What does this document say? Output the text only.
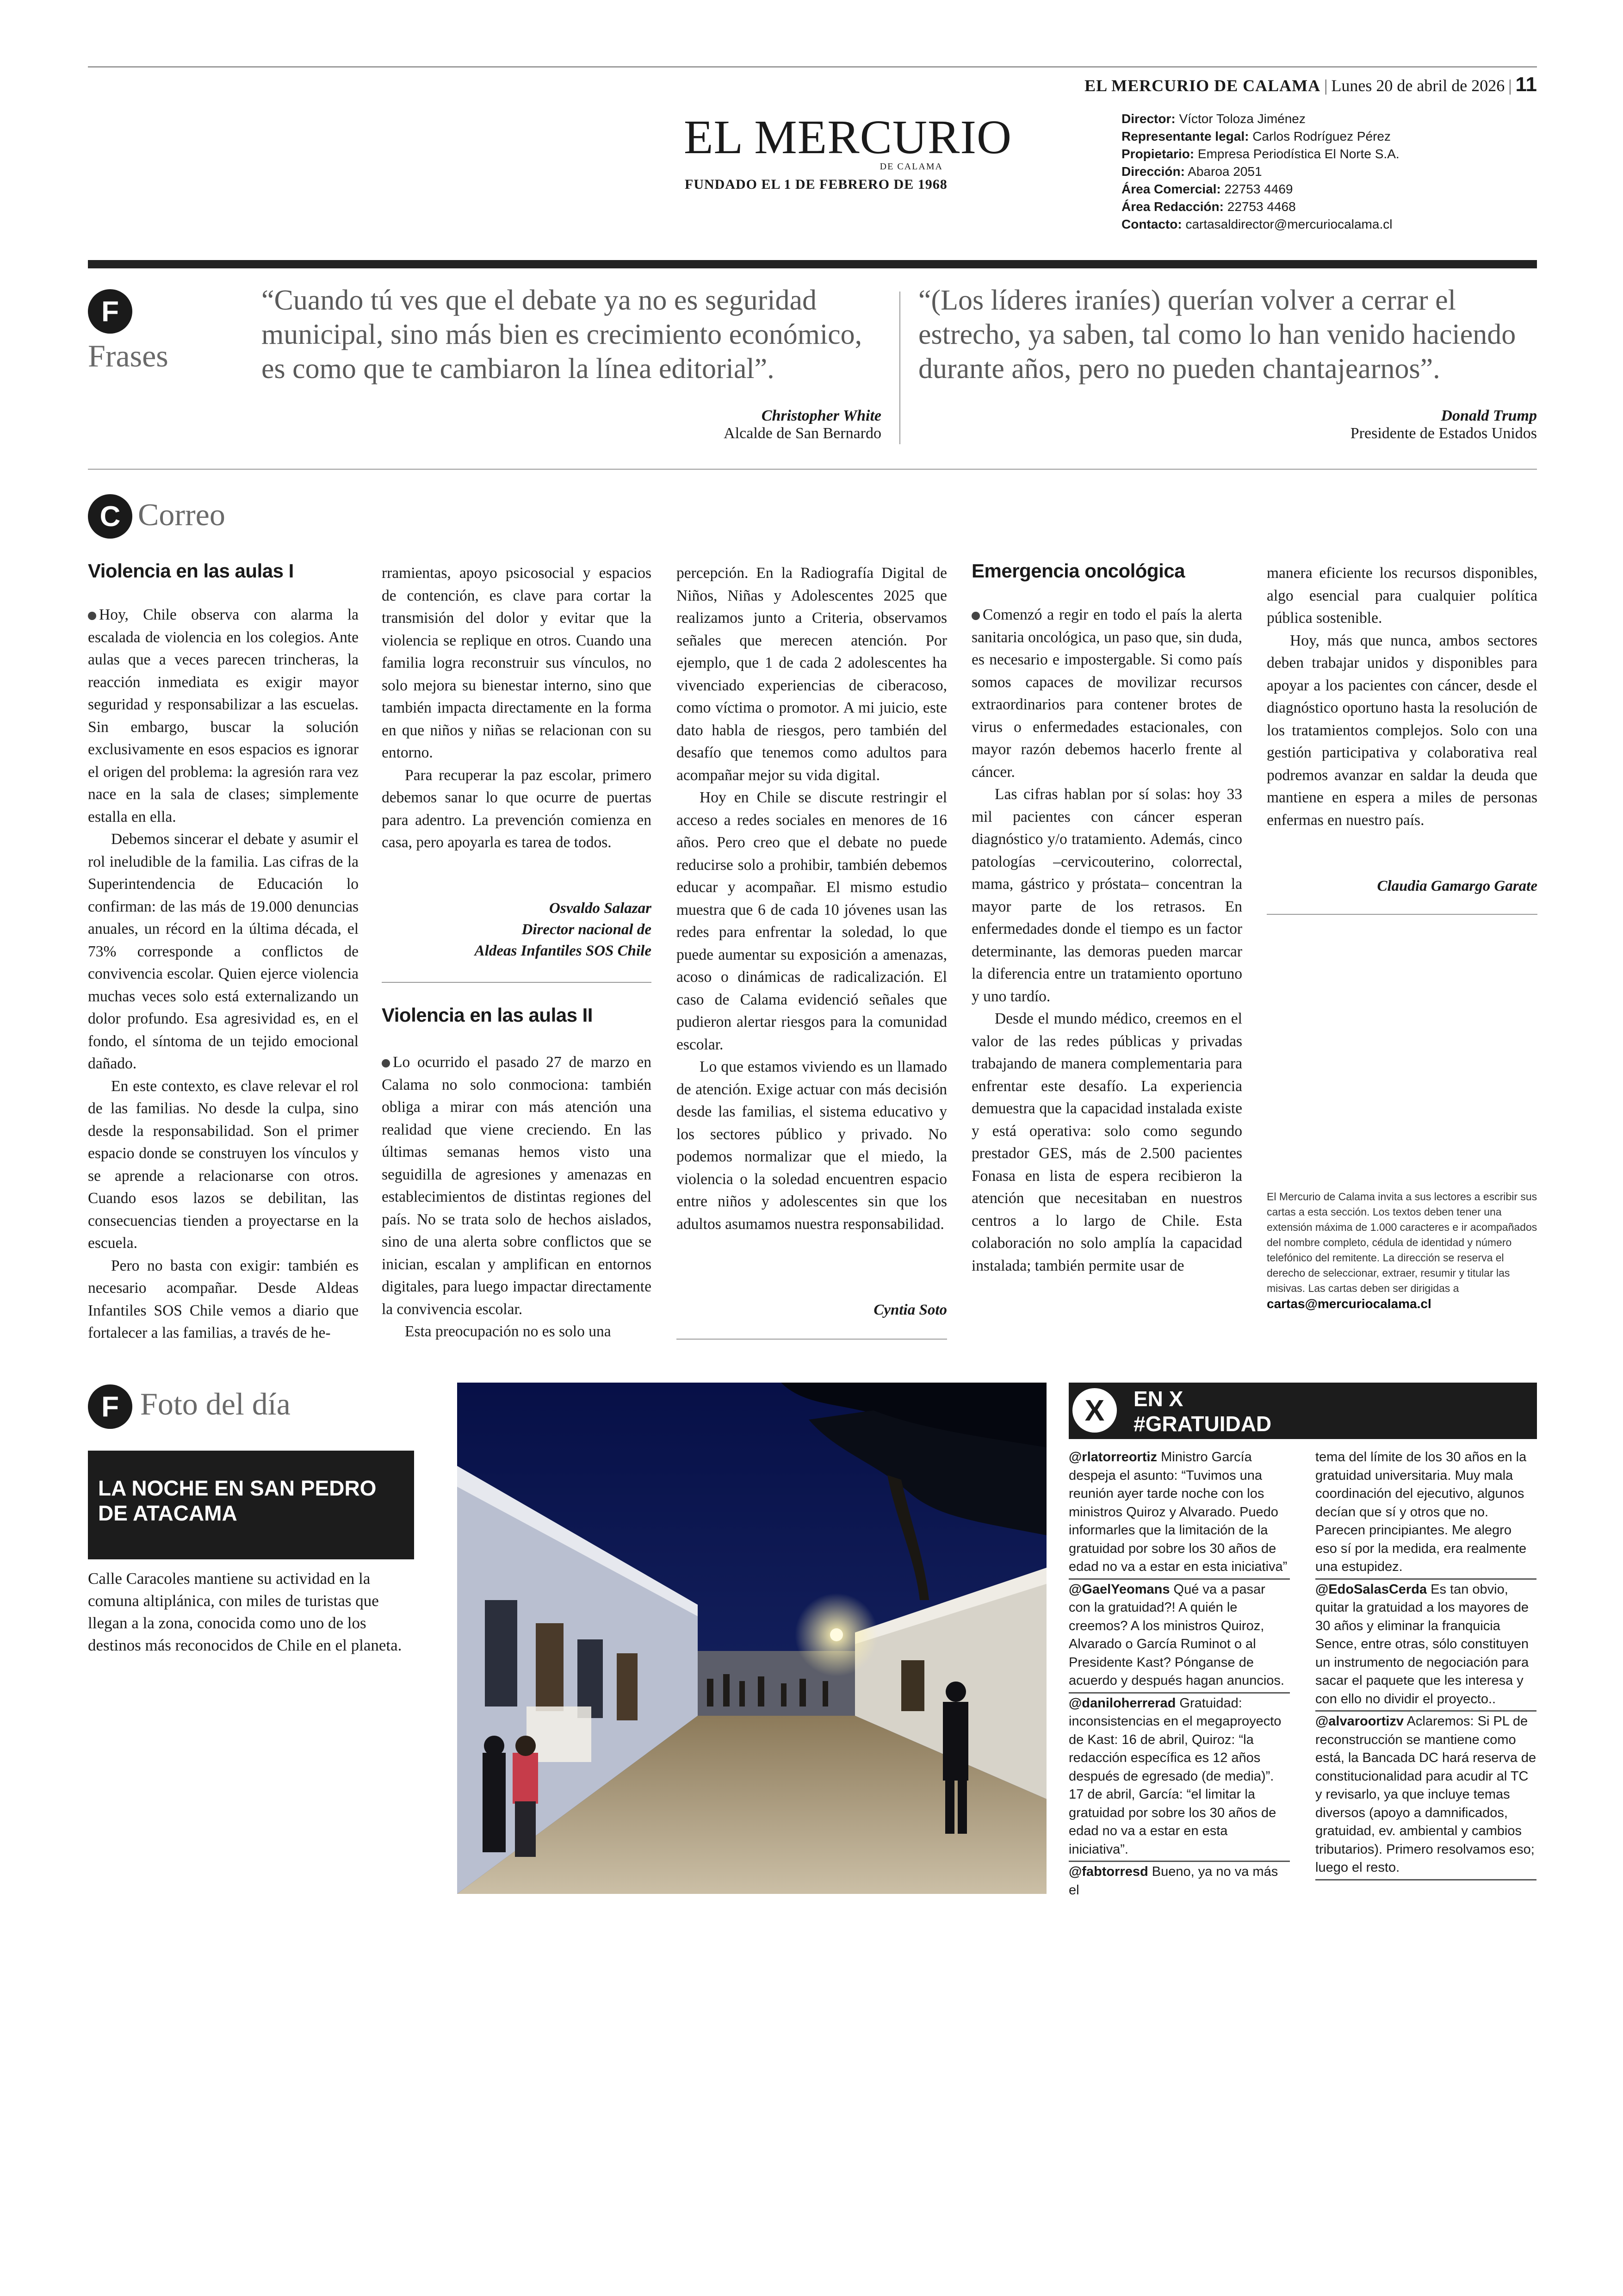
EL MERCURIO DE CALAMA | Lunes 20 de abril de 2026 | 11
EL MERCURIO
DE CALAMA
FUNDADO EL 1 DE FEBRERO DE 1968
Director: Víctor Toloza Jiménez
Representante legal: Carlos Rodríguez Pérez
Propietario: Empresa Periodística El Norte S.A.
Dirección: Abaroa 2051
Área Comercial: 22753 4469
Área Redacción: 22753 4468
Contacto: cartasaldirector@mercuriocalama.cl
F
Frases
“Cuando tú ves que el debate ya no es seguridad municipal, sino más bien es crecimiento económico, es como que te cambiaron la línea editorial”.
Christopher White
Alcalde de San Bernardo
“(Los líderes iraníes) querían volver a cerrar el estrecho, ya saben, tal como lo han venido haciendo durante años, pero no pueden chantajearnos”.
Donald Trump
Presidente de Estados Unidos
C Correo
Violencia en las aulas I

Hoy, Chile observa con alarma la escalada de violencia en los colegios. Ante aulas que a veces parecen trincheras, la reacción inmediata es exigir mayor seguridad y responsabilizar a las escuelas. Sin embargo, buscar la solución exclusivamente en esos espacios es ignorar el origen del problema: la agresión rara vez nace en la sala de clases; simplemente estalla en ella.

Debemos sincerar el debate y asumir el rol ineludible de la familia. Las cifras de la Superintendencia de Educación lo confirman: de las más de 19.000 denuncias anuales, un récord en la última década, el 73% corresponde a conflictos de convivencia escolar. Quien ejerce violencia muchas veces solo está externalizando un dolor profundo. Esa agresividad es, en el fondo, el síntoma de un tejido emocional dañado.

En este contexto, es clave relevar el rol de las familias. No desde la culpa, sino desde la responsabilidad. Son el primer espacio donde se construyen los vínculos y se aprende a relacionarse con otros. Cuando esos lazos se debilitan, las consecuencias tienden a proyectarse en la escuela.

Pero no basta con exigir: también es necesario acompañar. Desde Aldeas Infantiles SOS Chile vemos a diario que fortalecer a las familias, a través de he-

rramientas, apoyo psicosocial y espacios de contención, es clave para cortar la transmisión del dolor y evitar que la violencia se replique en otros. Cuando una familia logra reconstruir sus vínculos, no solo mejora su bienestar interno, sino que también impacta directamente en la forma en que niños y niñas se relacionan con su entorno.

Para recuperar la paz escolar, primero debemos sanar lo que ocurre de puertas para adentro. La prevención comienza en casa, pero apoyarla es tarea de todos.

Osvaldo Salazar
Director nacional de
Aldeas Infantiles SOS Chile
Violencia en las aulas II

Lo ocurrido el pasado 27 de marzo en Calama no solo conmociona: también obliga a mirar con más atención una realidad que viene creciendo. En las últimas semanas hemos visto una seguidilla de agresiones y amenazas en establecimientos de distintas regiones del país. No se trata solo de hechos aislados, sino de una alerta sobre conflictos que se inician, escalan y amplifican en entornos digitales, para luego impactar directamente la convivencia escolar.

Esta preocupación no es solo una

percepción. En la Radiografía Digital de Niños, Niñas y Adolescentes 2025 que realizamos junto a Criteria, observamos señales que merecen atención. Por ejemplo, que 1 de cada 2 adolescentes ha vivenciado experiencias de ciberacoso, como víctima o promotor. A mi juicio, este dato habla de riesgos, pero también del desafío que tenemos como adultos para acompañar mejor su vida digital.

Hoy en Chile se discute restringir el acceso a redes sociales en menores de 16 años. Pero creo que el debate no puede reducirse solo a prohibir, también debemos educar y acompañar. El mismo estudio muestra que 6 de cada 10 jóvenes usan las redes para enfrentar la soledad, lo que puede aumentar su exposición a amenazas, acoso o dinámicas de radicalización. El caso de Calama evidenció señales que pudieron alertar riesgos para la comunidad escolar.

Lo que estamos viviendo es un llamado de atención. Exige actuar con más decisión desde las familias, el sistema educativo y los sectores público y privado. No podemos normalizar que el miedo, la violencia o la soledad encuentren espacio entre niños y adolescentes sin que los adultos asumamos nuestra responsabilidad.

Cyntia Soto
Emergencia oncológica

Comenzó a regir en todo el país la alerta sanitaria oncológica, un paso que, sin duda, es necesario e impostergable. Si como país somos capaces de movilizar recursos extraordinarios para contener brotes de virus o enfermedades estacionales, con mayor razón debemos hacerlo frente al cáncer.

Las cifras hablan por sí solas: hoy 33 mil pacientes con cáncer esperan diagnóstico y/o tratamiento. Además, cinco patologías –cervicouterino, colorrectal, mama, gástrico y próstata– concentran la mayor parte de los retrasos. En enfermedades donde el tiempo es un factor determinante, las demoras pueden marcar la diferencia entre un tratamiento oportuno y uno tardío.

Desde el mundo médico, creemos en el valor de las redes públicas y privadas trabajando de manera complementaria para enfrentar este desafío. La experiencia demuestra que la capacidad instalada existe y está operativa: solo como segundo prestador GES, más de 2.500 pacientes Fonasa en lista de espera recibieron la atención que necesitaban en nuestros centros a lo largo de Chile. Esta colaboración no solo amplía la capacidad instalada; también permite usar de

manera eficiente los recursos disponibles, algo esencial para cualquier política pública sostenible.

Hoy, más que nunca, ambos sectores deben trabajar unidos y disponibles para apoyar a los pacientes con cáncer, desde el diagnóstico oportuno hasta la resolución de los tratamientos complejos. Solo con una gestión participativa y colaborativa real podremos avanzar en saldar la deuda que mantiene en espera a miles de personas enfermas en nuestro país.

Claudia Gamargo Garate
El Mercurio de Calama invita a sus lectores a escribir sus cartas a esta sección. Los textos deben tener una extensión máxima de 1.000 caracteres e ir acompañados del nombre completo, cédula de identidad y número telefónico del remitente. La dirección se reserva el derecho de seleccionar, extraer, resumir y titular las misivas. Las cartas deben ser dirigidas a
cartas@mercuriocalama.cl
F Foto del día
LA NOCHE EN SAN PEDRO DE ATACAMA
Calle Caracoles mantiene su actividad en la comuna altiplánica, con miles de turistas que llegan a la zona, conocida como uno de los destinos más reconocidos de Chile en el planeta.
EN X
#GRATUIDAD
X
@rlatorreortiz Ministro García despeja el asunto: “Tuvimos una reunión ayer tarde noche con los ministros Quiroz y Alvarado. Puedo informarles que la limitación de la gratuidad por sobre los 30 años de edad no va a estar en esta iniciativa”
@GaelYeomans Qué va a pasar con la gratuidad?! A quién le creemos? A los ministros Quiroz, Alvarado o García Ruminot o al Presidente Kast? Pónganse de acuerdo y después hagan anuncios.
@daniloherrerad Gratuidad: inconsistencias en el megaproyecto de Kast: 16 de abril, Quiroz: “la redacción específica es 12 años después de egresado (de media)”. 17 de abril, García: “el limitar la gratuidad por sobre los 30 años de edad no va a estar en esta iniciativa”.
@fabtorresd Bueno, ya no va más el
tema del límite de los 30 años en la gratuidad universitaria. Muy mala coordinación del ejecutivo, algunos decían que sí y otros que no. Parecen principiantes. Me alegro eso sí por la medida, era realmente una estupidez.
@EdoSalasCerda Es tan obvio, quitar la gratuidad a los mayores de 30 años y eliminar la franquicia Sence, entre otras, sólo constituyen un instrumento de negociación para sacar el paquete que les interesa y con ello no dividir el proyecto..
@alvaroortizv Aclaremos: Si PL de reconstrucción se mantiene como está, la Bancada DC hará reserva de constitucionalidad para acudir al TC y revisarlo, ya que incluye temas diversos (apoyo a damnificados, gratuidad, ev. ambiental y cambios tributarios). Primero resolvamos eso; luego el resto.
